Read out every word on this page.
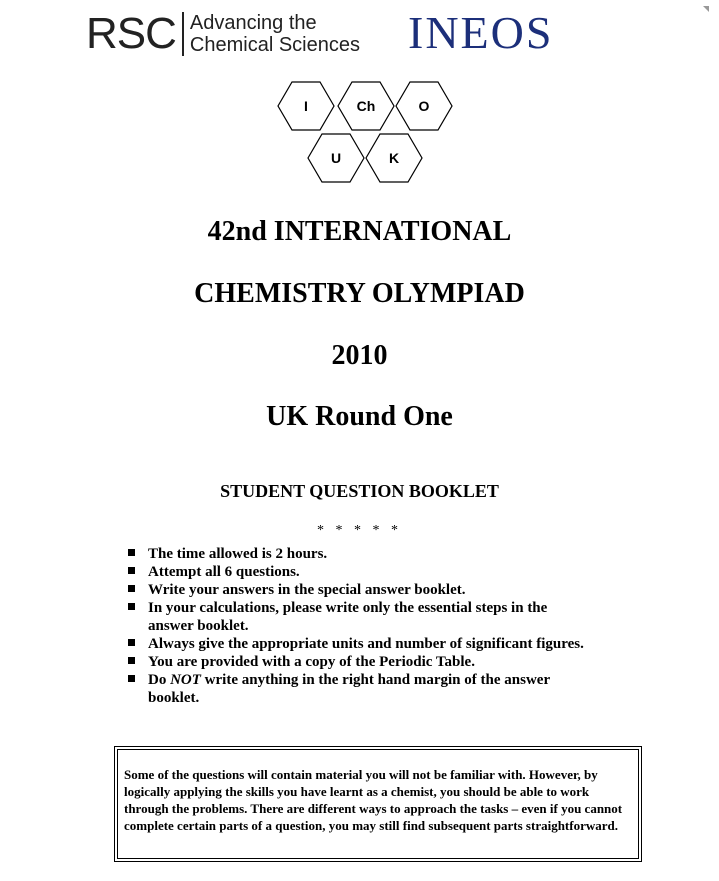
RSC Advancing the
Chemical Sciences INEOS
I	Ch	O
U	K
42nd INTERNATIONAL
CHEMISTRY OLYMPIAD
2010
UK Round One
STUDENT QUESTION BOOKLET
* * * * *
The time allowed is 2 hours.
Attempt all 6 questions.
Write your answers in the special answer booklet.
In your calculations, please write only the essential steps in the answer booklet.
Always give the appropriate units and number of significant figures.
You are provided with a copy of the Periodic Table.
Do NOT write anything in the right hand margin of the answer booklet.
Some of the questions will contain material you will not be familiar with. However, by logically applying the skills you have learnt as a chemist, you should be able to work through the problems. There are different ways to approach the tasks – even if you cannot complete certain parts of a question, you may still find subsequent parts straightforward.
